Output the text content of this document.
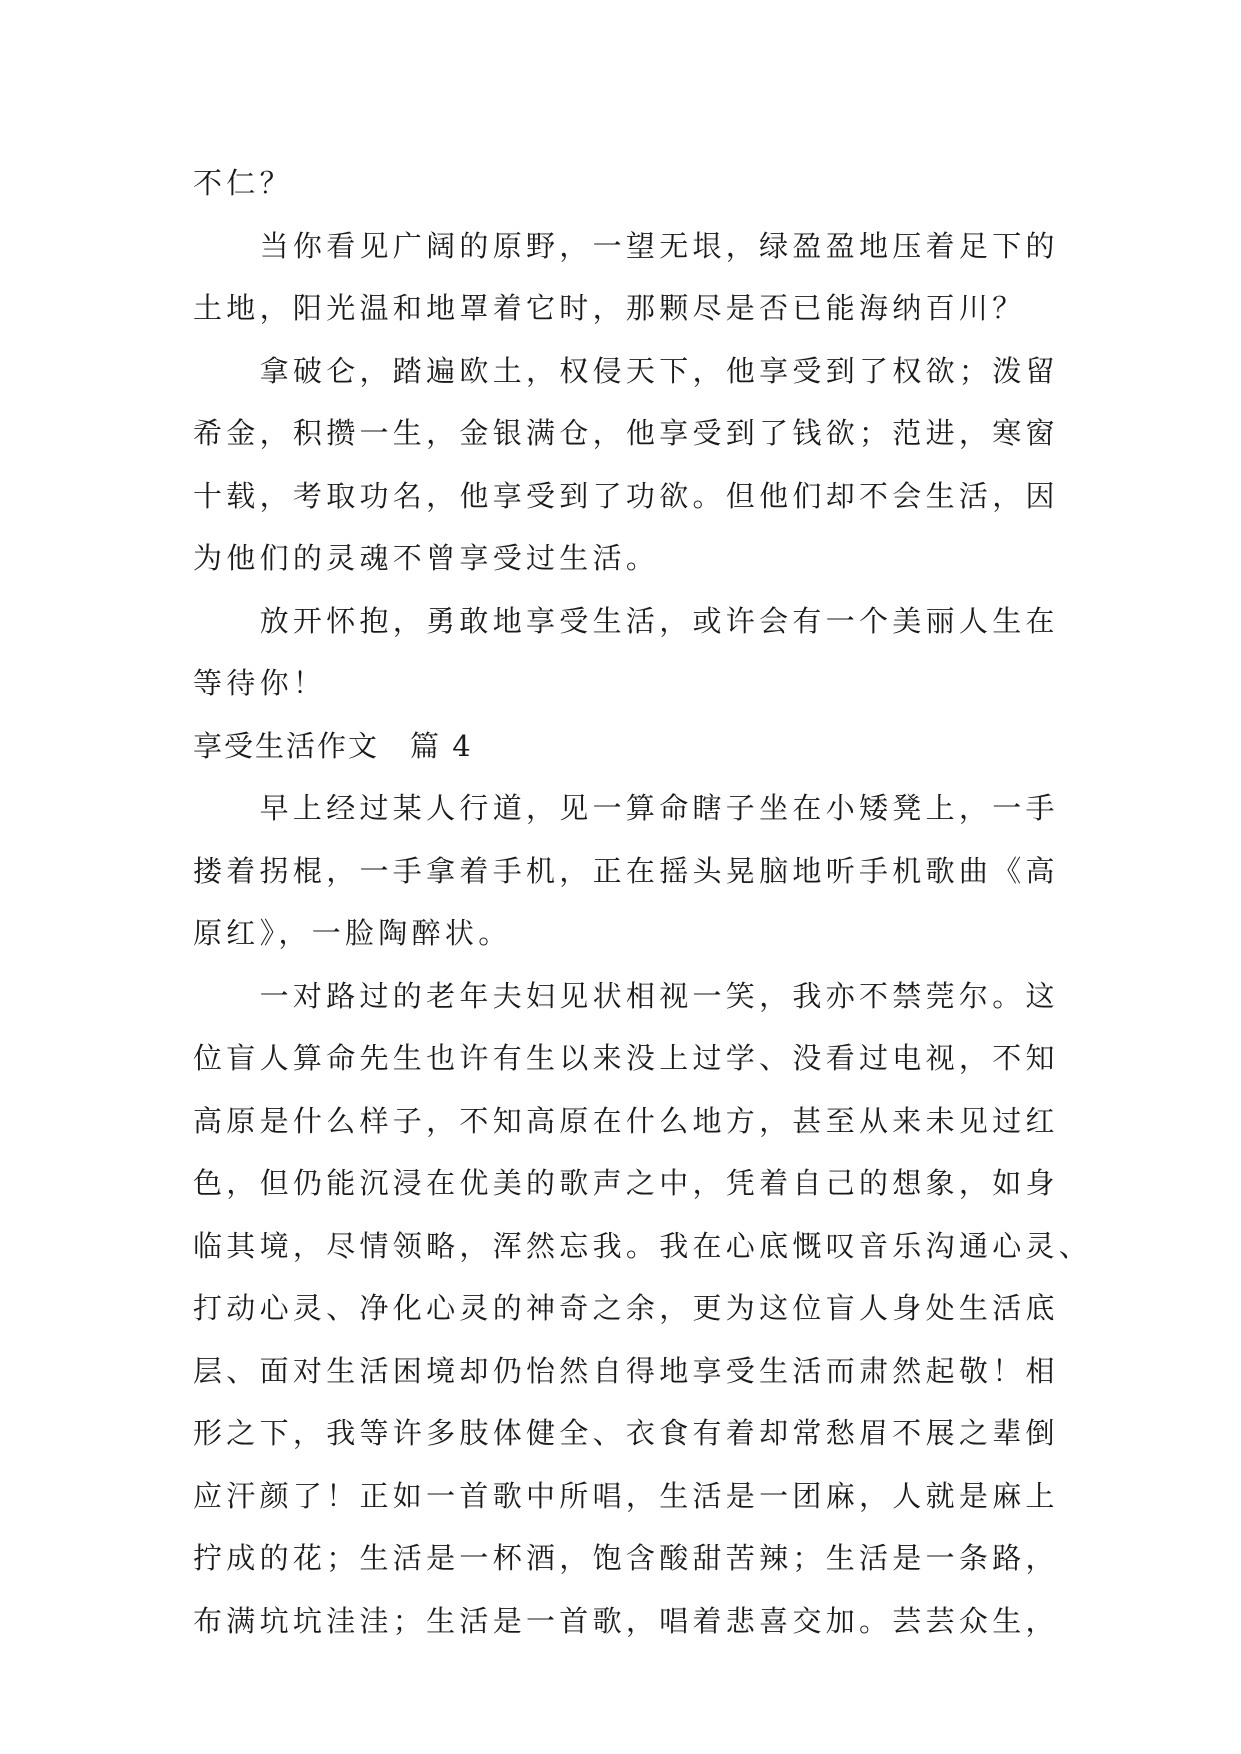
不仁？
　　当你看见广阔的原野，一望无垠，绿盈盈地压着足下的
土地，阳光温和地罩着它时，那颗尽是否已能海纳百川？
　　拿破仑，踏遍欧土，权侵天下，他享受到了权欲；泼留
希金，积攒一生，金银满仓，他享受到了钱欲；范进，寒窗
十载，考取功名，他享受到了功欲。但他们却不会生活，因
为他们的灵魂不曾享受过生活。
　　放开怀抱，勇敢地享受生活，或许会有一个美丽人生在
等待你！
享受生活作文　篇 4
　　早上经过某人行道，见一算命瞎子坐在小矮凳上，一手
搂着拐棍，一手拿着手机，正在摇头晃脑地听手机歌曲《高
原红》，一脸陶醉状。
　　一对路过的老年夫妇见状相视一笑，我亦不禁莞尔。这
位盲人算命先生也许有生以来没上过学、没看过电视，不知
高原是什么样子，不知高原在什么地方，甚至从来未见过红
色，但仍能沉浸在优美的歌声之中，凭着自己的想象，如身
临其境，尽情领略，浑然忘我。我在心底慨叹音乐沟通心灵、
打动心灵、净化心灵的神奇之余，更为这位盲人身处生活底
层、面对生活困境却仍怡然自得地享受生活而肃然起敬！相
形之下，我等许多肢体健全、衣食有着却常愁眉不展之辈倒
应汗颜了！正如一首歌中所唱，生活是一团麻，人就是麻上
拧成的花；生活是一杯酒，饱含酸甜苦辣；生活是一条路，
布满坑坑洼洼；生活是一首歌，唱着悲喜交加。芸芸众生，
